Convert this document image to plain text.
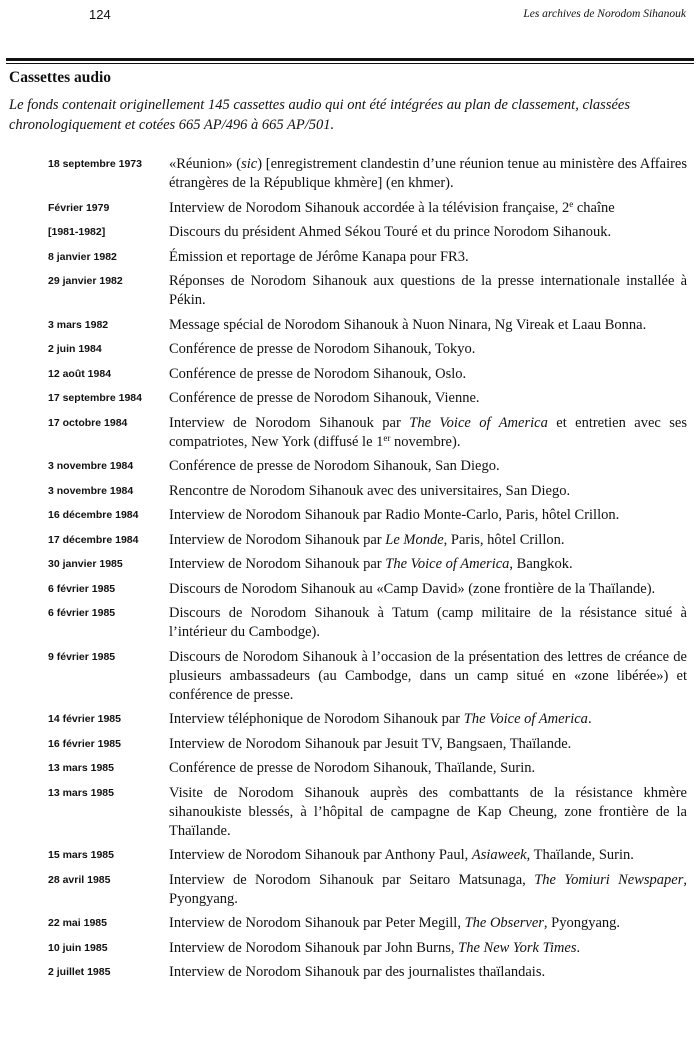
124	Les archives de Norodom Sihanouk
Cassettes audio
Le fonds contenait originellement 145 cassettes audio qui ont été intégrées au plan de classement, classées chronologiquement et cotées 665 AP/496 à 665 AP/501.
18 septembre 1973	«Réunion» (sic) [enregistrement clandestin d’une réunion tenue au ministère des Affaires étrangères de la République khmère] (en khmer).
Février 1979	Interview de Norodom Sihanouk accordée à la télévision française, 2e chaîne
[1981-1982]	Discours du président Ahmed Sékou Touré et du prince Norodom Sihanouk.
8 janvier 1982	Émission et reportage de Jérôme Kanapa pour FR3.
29 janvier 1982	Réponses de Norodom Sihanouk aux questions de la presse internationale installée à Pékin.
3 mars 1982	Message spécial de Norodom Sihanouk à Nuon Ninara, Ng Vireak et Laau Bonna.
2 juin 1984	Conférence de presse de Norodom Sihanouk, Tokyo.
12 août 1984	Conférence de presse de Norodom Sihanouk, Oslo.
17 septembre 1984	Conférence de presse de Norodom Sihanouk, Vienne.
17 octobre 1984	Interview de Norodom Sihanouk par The Voice of America et entretien avec ses compatriotes, New York (diffusé le 1er novembre).
3 novembre 1984	Conférence de presse de Norodom Sihanouk, San Diego.
3 novembre 1984	Rencontre de Norodom Sihanouk avec des universitaires, San Diego.
16 décembre 1984	Interview de Norodom Sihanouk par Radio Monte-Carlo, Paris, hôtel Crillon.
17 décembre 1984	Interview de Norodom Sihanouk par Le Monde, Paris, hôtel Crillon.
30 janvier 1985	Interview de Norodom Sihanouk par The Voice of America, Bangkok.
6 février 1985	Discours de Norodom Sihanouk au «Camp David» (zone frontière de la Thaïlande).
6 février 1985	Discours de Norodom Sihanouk à Tatum (camp militaire de la résistance situé à l’intérieur du Cambodge).
9 février 1985	Discours de Norodom Sihanouk à l’occasion de la présentation des lettres de créance de plusieurs ambassadeurs (au Cambodge, dans un camp situé en «zone libérée») et conférence de presse.
14 février 1985	Interview téléphonique de Norodom Sihanouk par The Voice of America.
16 février 1985	Interview de Norodom Sihanouk par Jesuit TV, Bangsaen, Thaïlande.
13 mars 1985	Conférence de presse de Norodom Sihanouk, Thaïlande, Surin.
13 mars 1985	Visite de Norodom Sihanouk auprès des combattants de la résistance khmère sihanoukiste blessés, à l’hôpital de campagne de Kap Cheung, zone frontière de la Thaïlande.
15 mars 1985	Interview de Norodom Sihanouk par Anthony Paul, Asiaweek, Thaïlande, Surin.
28 avril 1985	Interview de Norodom Sihanouk par Seitaro Matsunaga, The Yomiuri Newspaper, Pyongyang.
22 mai 1985	Interview de Norodom Sihanouk par Peter Megill, The Observer, Pyongyang.
10 juin 1985	Interview de Norodom Sihanouk par John Burns, The New York Times.
2 juillet 1985	Interview de Norodom Sihanouk par des journalistes thaïlandais.
